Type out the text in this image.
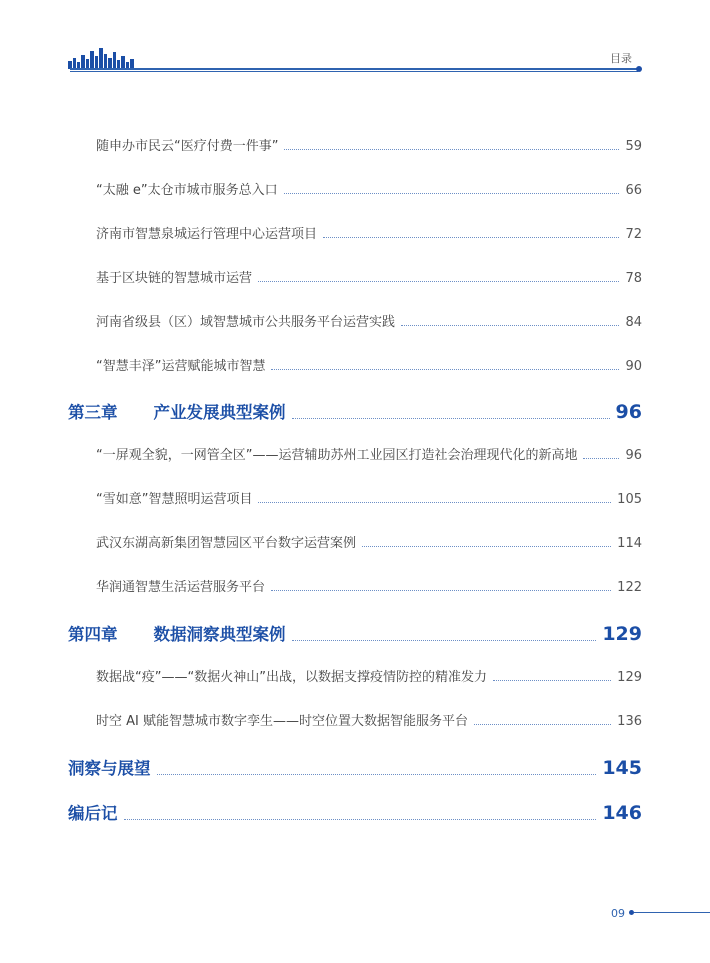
目录
随申办市民云“医疗付费一件事”	59
“太融 e”太仓市城市服务总入口	66
济南市智慧泉城运行管理中心运营项目	72
基于区块链的智慧城市运营	78
河南省级县（区）域智慧城市公共服务平台运营实践	84
“智慧丰泽”运营赋能城市智慧	90
第三章 产业发展典型案例	96
“一屏观全貌，一网管全区”——运营辅助苏州工业园区打造社会治理现代化的新高地	96
“雪如意”智慧照明运营项目	105
武汉东湖高新集团智慧园区平台数字运营案例	114
华润通智慧生活运营服务平台	122
第四章 数据洞察典型案例	129
数据战“疫”——“数据火神山”出战，以数据支撑疫情防控的精准发力	129
时空 AI 赋能智慧城市数字孪生——时空位置大数据智能服务平台	136
洞察与展望	145
编后记	146
09
